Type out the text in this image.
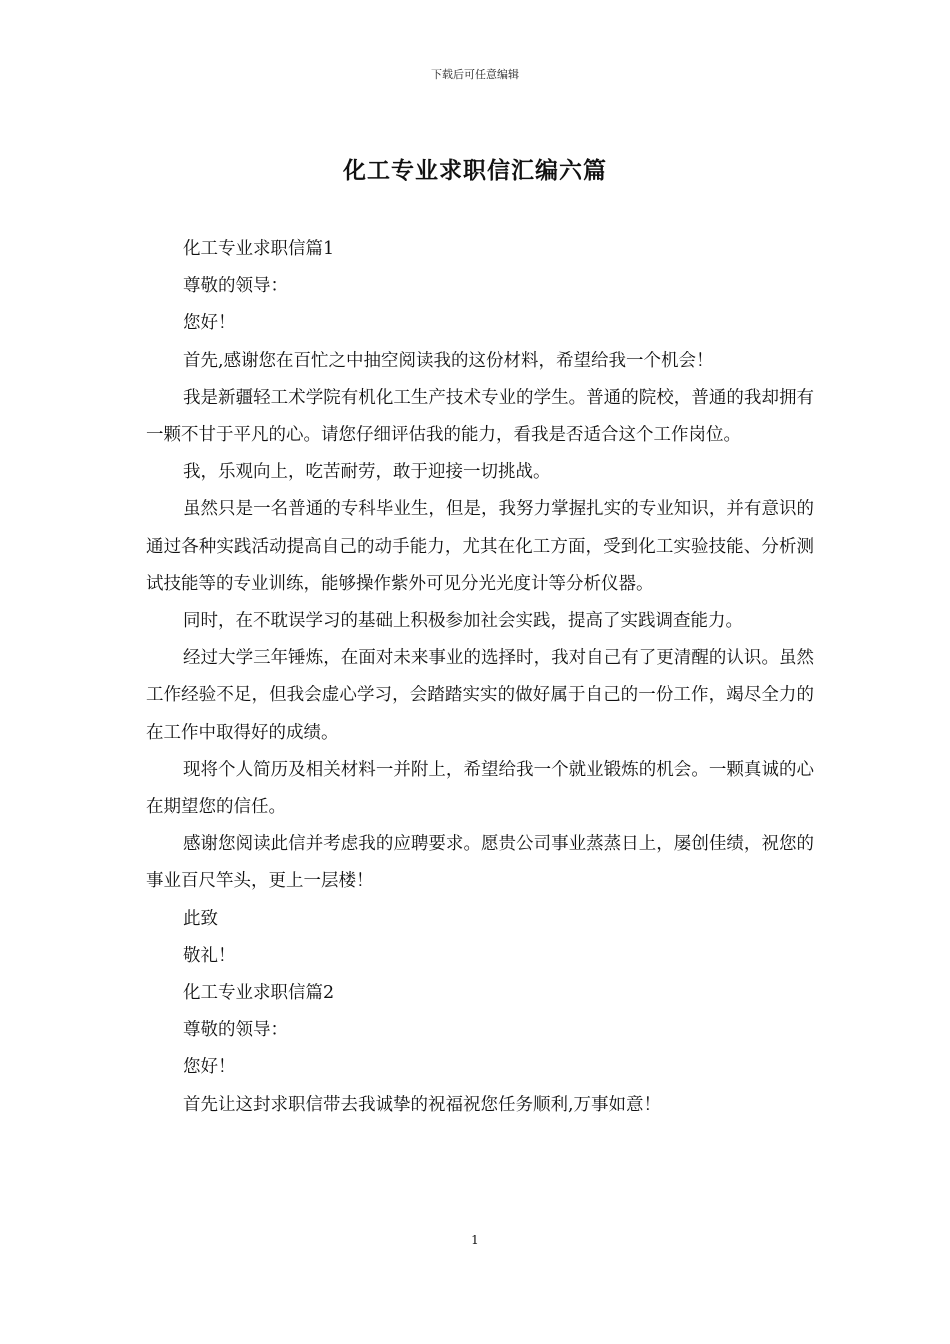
下载后可任意编辑
化工专业求职信汇编六篇

化工专业求职信篇1

尊敬的领导：

您好！

首先,感谢您在百忙之中抽空阅读我的这份材料，希望给我一个机会！

我是新疆轻工术学院有机化工生产技术专业的学生。普通的院校，普通的我却拥有一颗不甘于平凡的心。请您仔细评估我的能力，看我是否适合这个工作岗位。

我，乐观向上，吃苦耐劳，敢于迎接一切挑战。

虽然只是一名普通的专科毕业生，但是，我努力掌握扎实的专业知识，并有意识的通过各种实践活动提高自己的动手能力，尤其在化工方面，受到化工实验技能、分析测试技能等的专业训练，能够操作紫外可见分光光度计等分析仪器。

同时，在不耽误学习的基础上积极参加社会实践，提高了实践调查能力。

经过大学三年锤炼，在面对未来事业的选择时，我对自己有了更清醒的认识。虽然工作经验不足，但我会虚心学习，会踏踏实实的做好属于自己的一份工作，竭尽全力的在工作中取得好的成绩。

现将个人简历及相关材料一并附上，希望给我一个就业锻炼的机会。一颗真诚的心在期望您的信任。

感谢您阅读此信并考虑我的应聘要求。愿贵公司事业蒸蒸日上，屡创佳绩，祝您的事业百尺竿头，更上一层楼！

此致

敬礼！

化工专业求职信篇2

尊敬的领导：

您好！

首先让这封求职信带去我诚挚的祝福祝您任务顺利,万事如意！

1
